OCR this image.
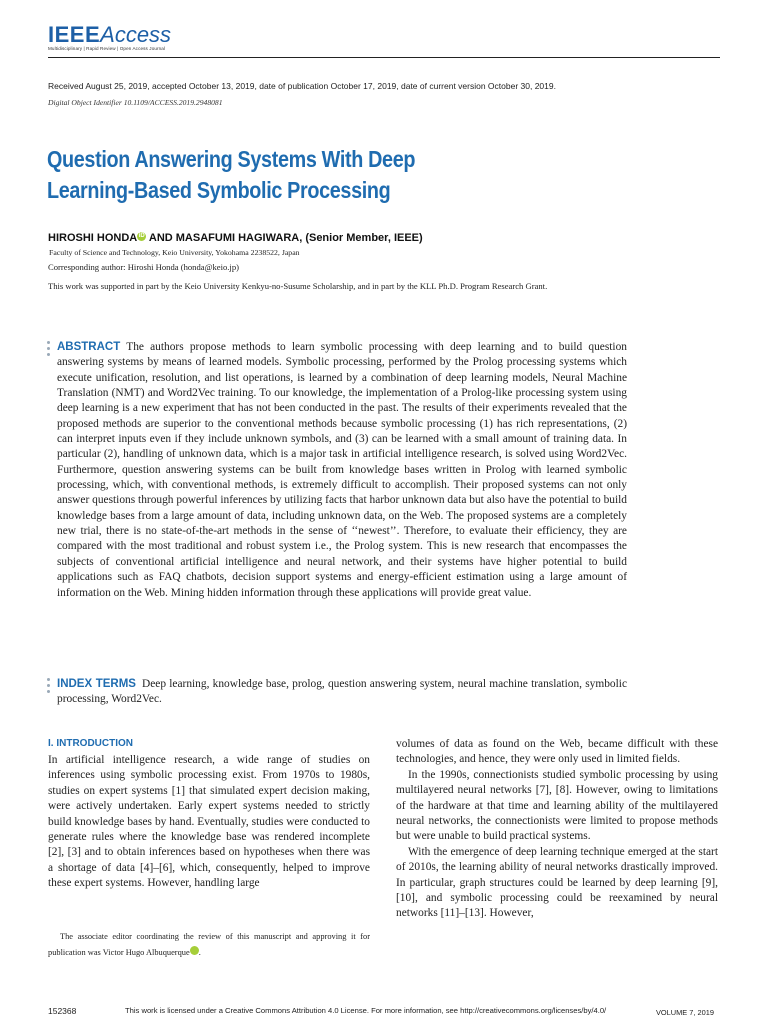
IEEEAccess
Multidisciplinary | Rapid Review | Open Access Journal
Received August 25, 2019, accepted October 13, 2019, date of publication October 17, 2019, date of current version October 30, 2019.
Digital Object Identifier 10.1109/ACCESS.2019.2948081
Question Answering Systems With Deep
Learning-Based Symbolic Processing
HIROSHI HONDA iD AND MASAFUMI HAGIWARA, (Senior Member, IEEE)
Faculty of Science and Technology, Keio University, Yokohama 2238522, Japan
Corresponding author: Hiroshi Honda (honda@keio.jp)
This work was supported in part by the Keio University Kenkyu-no-Susume Scholarship, and in part by the KLL Ph.D. Program Research Grant.
ABSTRACT The authors propose methods to learn symbolic processing with deep learning and to build question answering systems by means of learned models. Symbolic processing, performed by the Prolog processing systems which execute unification, resolution, and list operations, is learned by a combination of deep learning models, Neural Machine Translation (NMT) and Word2Vec training. To our knowledge, the implementation of a Prolog-like processing system using deep learning is a new experiment that has not been conducted in the past. The results of their experiments revealed that the proposed methods are superior to the conventional methods because symbolic processing (1) has rich representations, (2) can interpret inputs even if they include unknown symbols, and (3) can be learned with a small amount of training data. In particular (2), handling of unknown data, which is a major task in artificial intelligence research, is solved using Word2Vec. Furthermore, question answering systems can be built from knowledge bases written in Prolog with learned symbolic processing, which, with conventional methods, is extremely difficult to accomplish. Their proposed systems can not only answer questions through powerful inferences by utilizing facts that harbor unknown data but also have the potential to build knowledge bases from a large amount of data, including unknown data, on the Web. The proposed systems are a completely new trial, there is no state-of-the-art methods in the sense of ‘‘newest’’. Therefore, to evaluate their efficiency, they are compared with the most traditional and robust system i.e., the Prolog system. This is new research that encompasses the subjects of conventional artificial intelligence and neural network, and their systems have higher potential to build applications such as FAQ chatbots, decision support systems and energy-efficient estimation using a large amount of information on the Web. Mining hidden information through these applications will provide great value.
INDEX TERMS Deep learning, knowledge base, prolog, question answering system, neural machine translation, symbolic processing, Word2Vec.
I. INTRODUCTION

In artificial intelligence research, a wide range of studies on inferences using symbolic processing exist. From 1970s to 1980s, studies on expert systems [1] that simulated expert decision making, were actively undertaken. Early expert systems needed to strictly build knowledge bases by hand. Eventually, studies were conducted to generate rules where the knowledge base was rendered incomplete [2], [3] and to obtain inferences based on hypotheses when there was a shortage of data [4]–[6], which, consequently, helped to improve these expert systems. However, handling large

volumes of data as found on the Web, became difficult with these technologies, and hence, they were only used in limited fields.

In the 1990s, connectionists studied symbolic processing by using multilayered neural networks [7], [8]. However, owing to limitations of the hardware at that time and learning ability of the multilayered neural networks, the connectionists were limited to propose methods but were unable to build practical systems.

With the emergence of deep learning technique emerged at the start of 2010s, the learning ability of neural networks drastically improved. In particular, graph structures could be learned by deep learning [9], [10], and symbolic processing could be reexamined by neural networks [11]–[13]. However,

The associate editor coordinating the review of this manuscript and approving it for publication was Victor Hugo Albuquerque iD.

152368	This work is licensed under a Creative Commons Attribution 4.0 License. For more information, see http://creativecommons.org/licenses/by/4.0/	VOLUME 7, 2019
